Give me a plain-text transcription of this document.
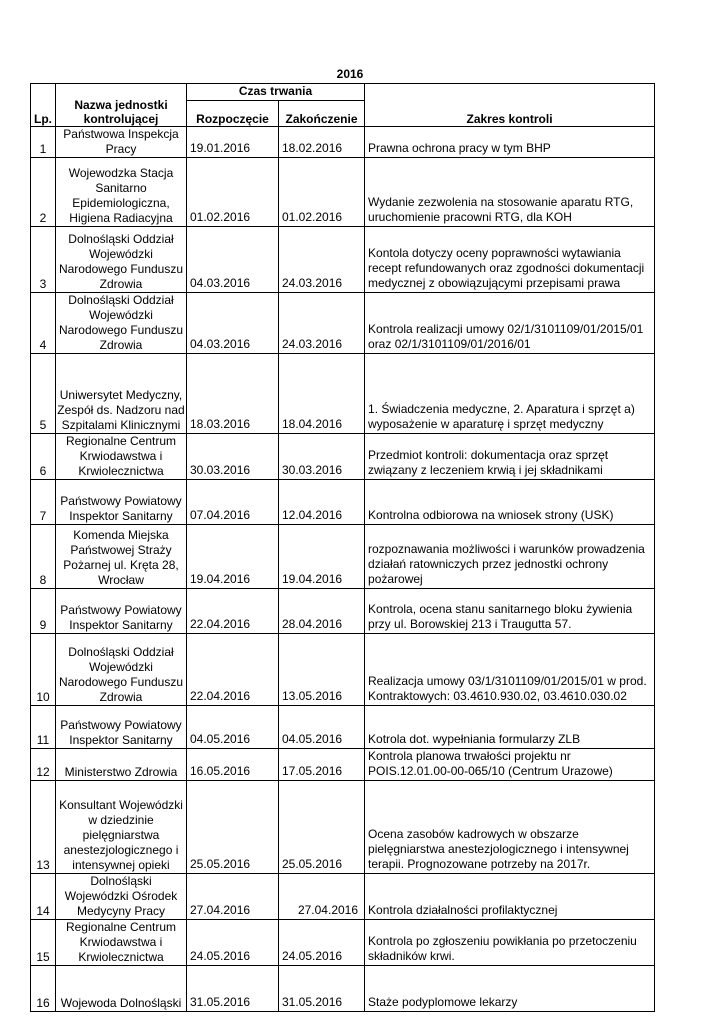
2016
Lp.	Nazwa jednostki kontrolującej	Czas trwania		Zakres kontroli
		Rozpoczęcie	Zakończenie	
1	Państwowa Inspekcja Pracy	19.01.2016	18.02.2016	Prawna ochrona pracy w tym BHP
2	Wojewodzka Stacja Sanitarno Epidemiologiczna, Higiena Radiacyjna	01.02.2016	01.02.2016	Wydanie zezwolenia na stosowanie aparatu RTG, uruchomienie pracowni RTG, dla KOH
3	Dolnośląski Oddział Wojewódzki Narodowego Funduszu Zdrowia	04.03.2016	24.03.2016	Kontola dotyczy oceny poprawności wytawiania recept refundowanych oraz zgodności dokumentacji medycznej z obowiązującymi przepisami prawa
4	Dolnośląski Oddział Wojewódzki Narodowego Funduszu Zdrowia	04.03.2016	24.03.2016	Kontrola realizacji umowy 02/1/3101109/01/2015/01 oraz 02/1/3101109/01/2016/01
5	Uniwersytet Medyczny, Zespół ds. Nadzoru nad Szpitalami Klinicznymi	18.03.2016	18.04.2016	1. Świadczenia medyczne, 2. Aparatura i sprzęt a) wyposażenie w aparaturę i sprzęt medyczny
6	Regionalne Centrum Krwiodawstwa i Krwiolecznictwa	30.03.2016	30.03.2016	Przedmiot kontroli: dokumentacja oraz sprzęt związany z leczeniem krwią i jej składnikami
7	Państwowy Powiatowy Inspektor Sanitarny	07.04.2016	12.04.2016	Kontrolna odbiorowa na wniosek strony (USK)
8	Komenda Miejska Państwowej Straży Pożarnej ul. Kręta 28, Wrocław	19.04.2016	19.04.2016	rozpoznawania możliwości i warunków prowadzenia działań ratowniczych przez jednostki ochrony pożarowej
9	Państwowy Powiatowy Inspektor Sanitarny	22.04.2016	28.04.2016	Kontrola, ocena stanu sanitarnego bloku żywienia przy ul. Borowskiej 213 i Traugutta 57.
10	Dolnośląski Oddział Wojewódzki Narodowego Funduszu Zdrowia	22.04.2016	13.05.2016	Realizacja umowy 03/1/3101109/01/2015/01 w prod. Kontraktowych: 03.4610.930.02, 03.4610.030.02
11	Państwowy Powiatowy Inspektor Sanitarny	04.05.2016	04.05.2016	Kotrola dot. wypełniania formularzy ZLB
12	Ministerstwo Zdrowia	16.05.2016	17.05.2016	Kontrola planowa trwałości projektu nr POIS.12.01.00-00-065/10 (Centrum Urazowe)
13	Konsultant Wojewódzki w dziedzinie pielęgniarstwa anestezjologicznego i intensywnej opieki	25.05.2016	25.05.2016	Ocena zasobów kadrowych w obszarze pielęgniarstwa anestezjologicznego i intensywnej terapii. Prognozowane potrzeby na 2017r.
14	Dolnośląski Wojewódzki Ośrodek Medycyny Pracy	27.04.2016	27.04.2016	Kontrola działalności profilaktycznej
15	Regionalne Centrum Krwiodawstwa i Krwiolecznictwa	24.05.2016	24.05.2016	Kontrola po zgłoszeniu powikłania po przetoczeniu składników krwi.
16	Wojewoda Dolnośląski	31.05.2016	31.05.2016	Staże podyplomowe lekarzy
